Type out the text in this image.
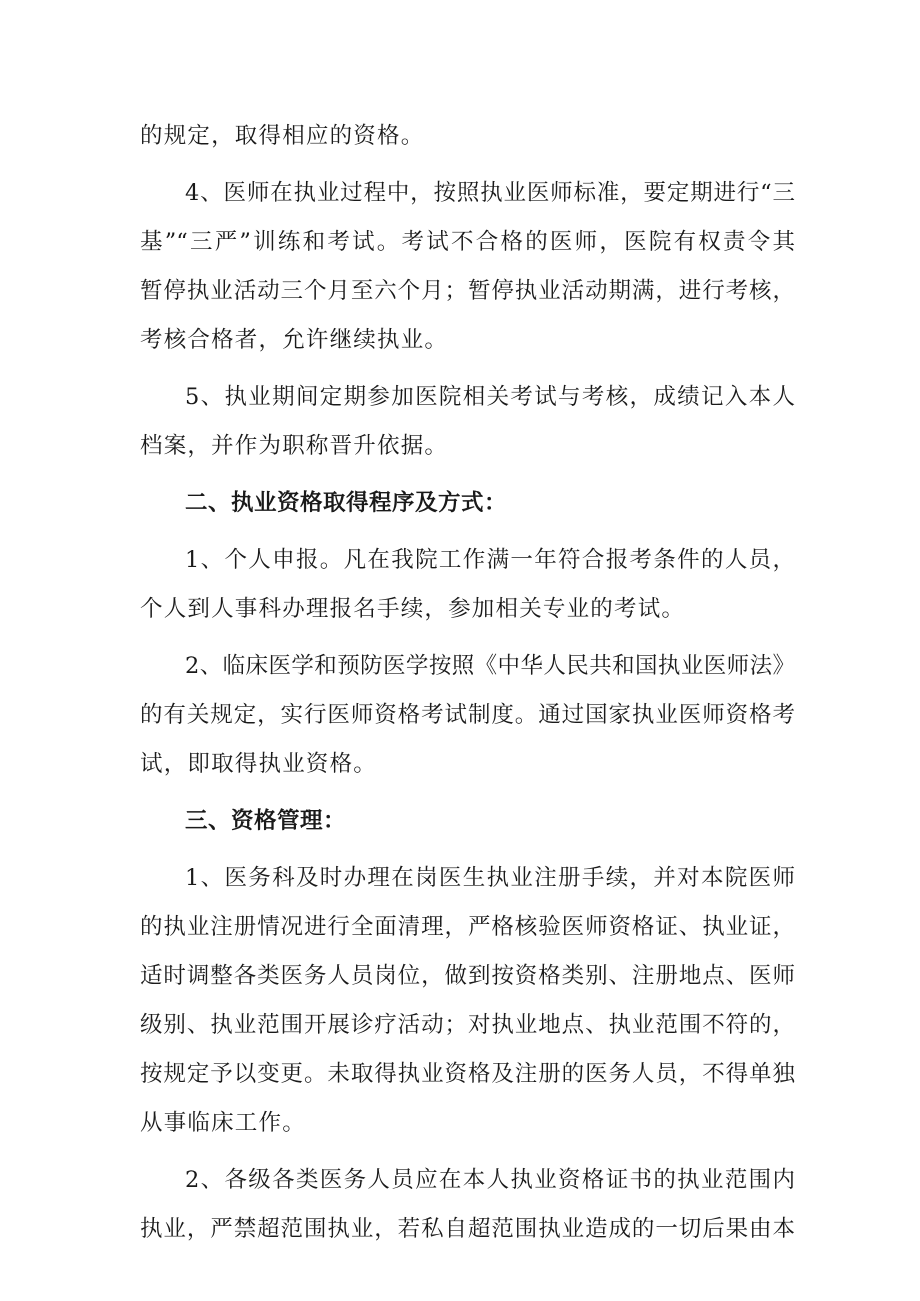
的规定，取得相应的资格。
4、医师在执业过程中，按照执业医师标准，要定期进行“三
基”“三严”训练和考试。考试不合格的医师，医院有权责令其
暂停执业活动三个月至六个月；暂停执业活动期满，进行考核，
考核合格者，允许继续执业。
5、执业期间定期参加医院相关考试与考核，成绩记入本人
档案，并作为职称晋升依据。
二、执业资格取得程序及方式：
1、个人申报。凡在我院工作满一年符合报考条件的人员，
个人到人事科办理报名手续，参加相关专业的考试。
2、临床医学和预防医学按照《中华人民共和国执业医师法》
的有关规定，实行医师资格考试制度。通过国家执业医师资格考
试，即取得执业资格。
三、资格管理：
1、医务科及时办理在岗医生执业注册手续，并对本院医师
的执业注册情况进行全面清理，严格核验医师资格证、执业证，
适时调整各类医务人员岗位，做到按资格类别、注册地点、医师
级别、执业范围开展诊疗活动；对执业地点、执业范围不符的，
按规定予以变更。未取得执业资格及注册的医务人员，不得单独
从事临床工作。
2、各级各类医务人员应在本人执业资格证书的执业范围内
执业，严禁超范围执业，若私自超范围执业造成的一切后果由本
